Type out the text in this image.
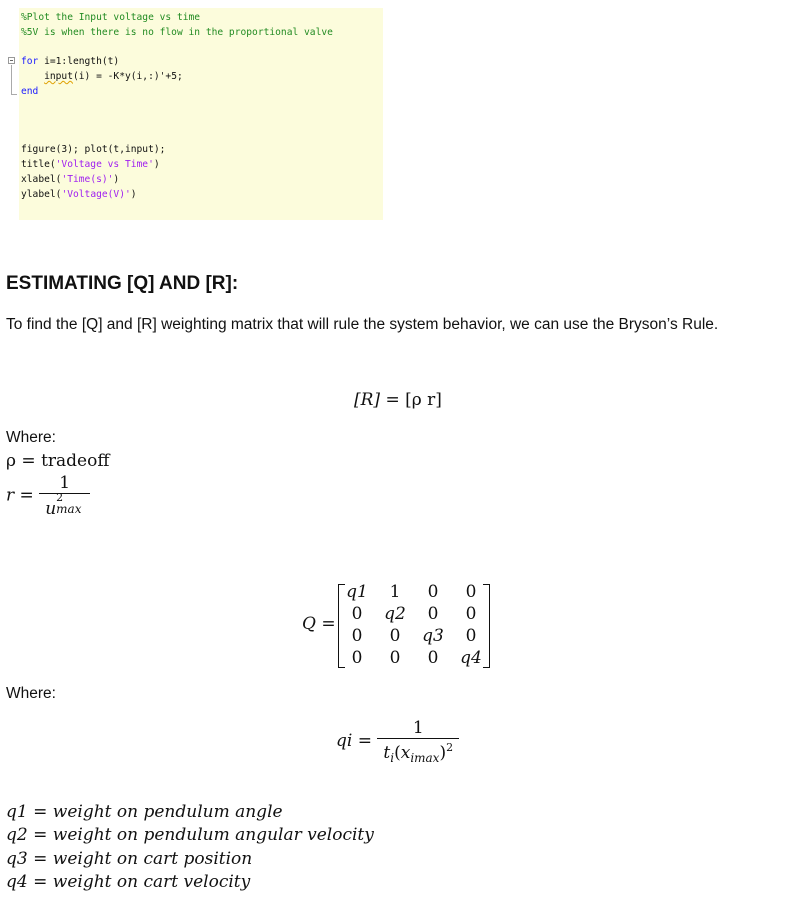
%Plot the Input voltage vs time
%5V is when there is no flow in the proportional valve
for i=1:length(t)
input(i) = -K*y(i,:)'+5;
end
figure(3); plot(t,input);
title('Voltage vs Time')
xlabel('Time(s)')
ylabel('Voltage(V)')
ESTIMATING [Q] AND [R]:
To find the [Q] and [R] weighting matrix that will rule the system behavior, we can use the Bryson’s Rule.
[R] = [ρ r]
Where:
ρ = tradeoff
r = 1
u
2
max
Q =
q1	1	0	0
0	q2	0	0
0	0	q3	0
0	0	0	q4
Where:
qi = $\frac{1}{t_i(x_{imax})^2}$
q1 = weight on pendulum angle
q2 = weight on pendulum angular velocity
q3 = weight on cart position
q4 = weight on cart velocity
